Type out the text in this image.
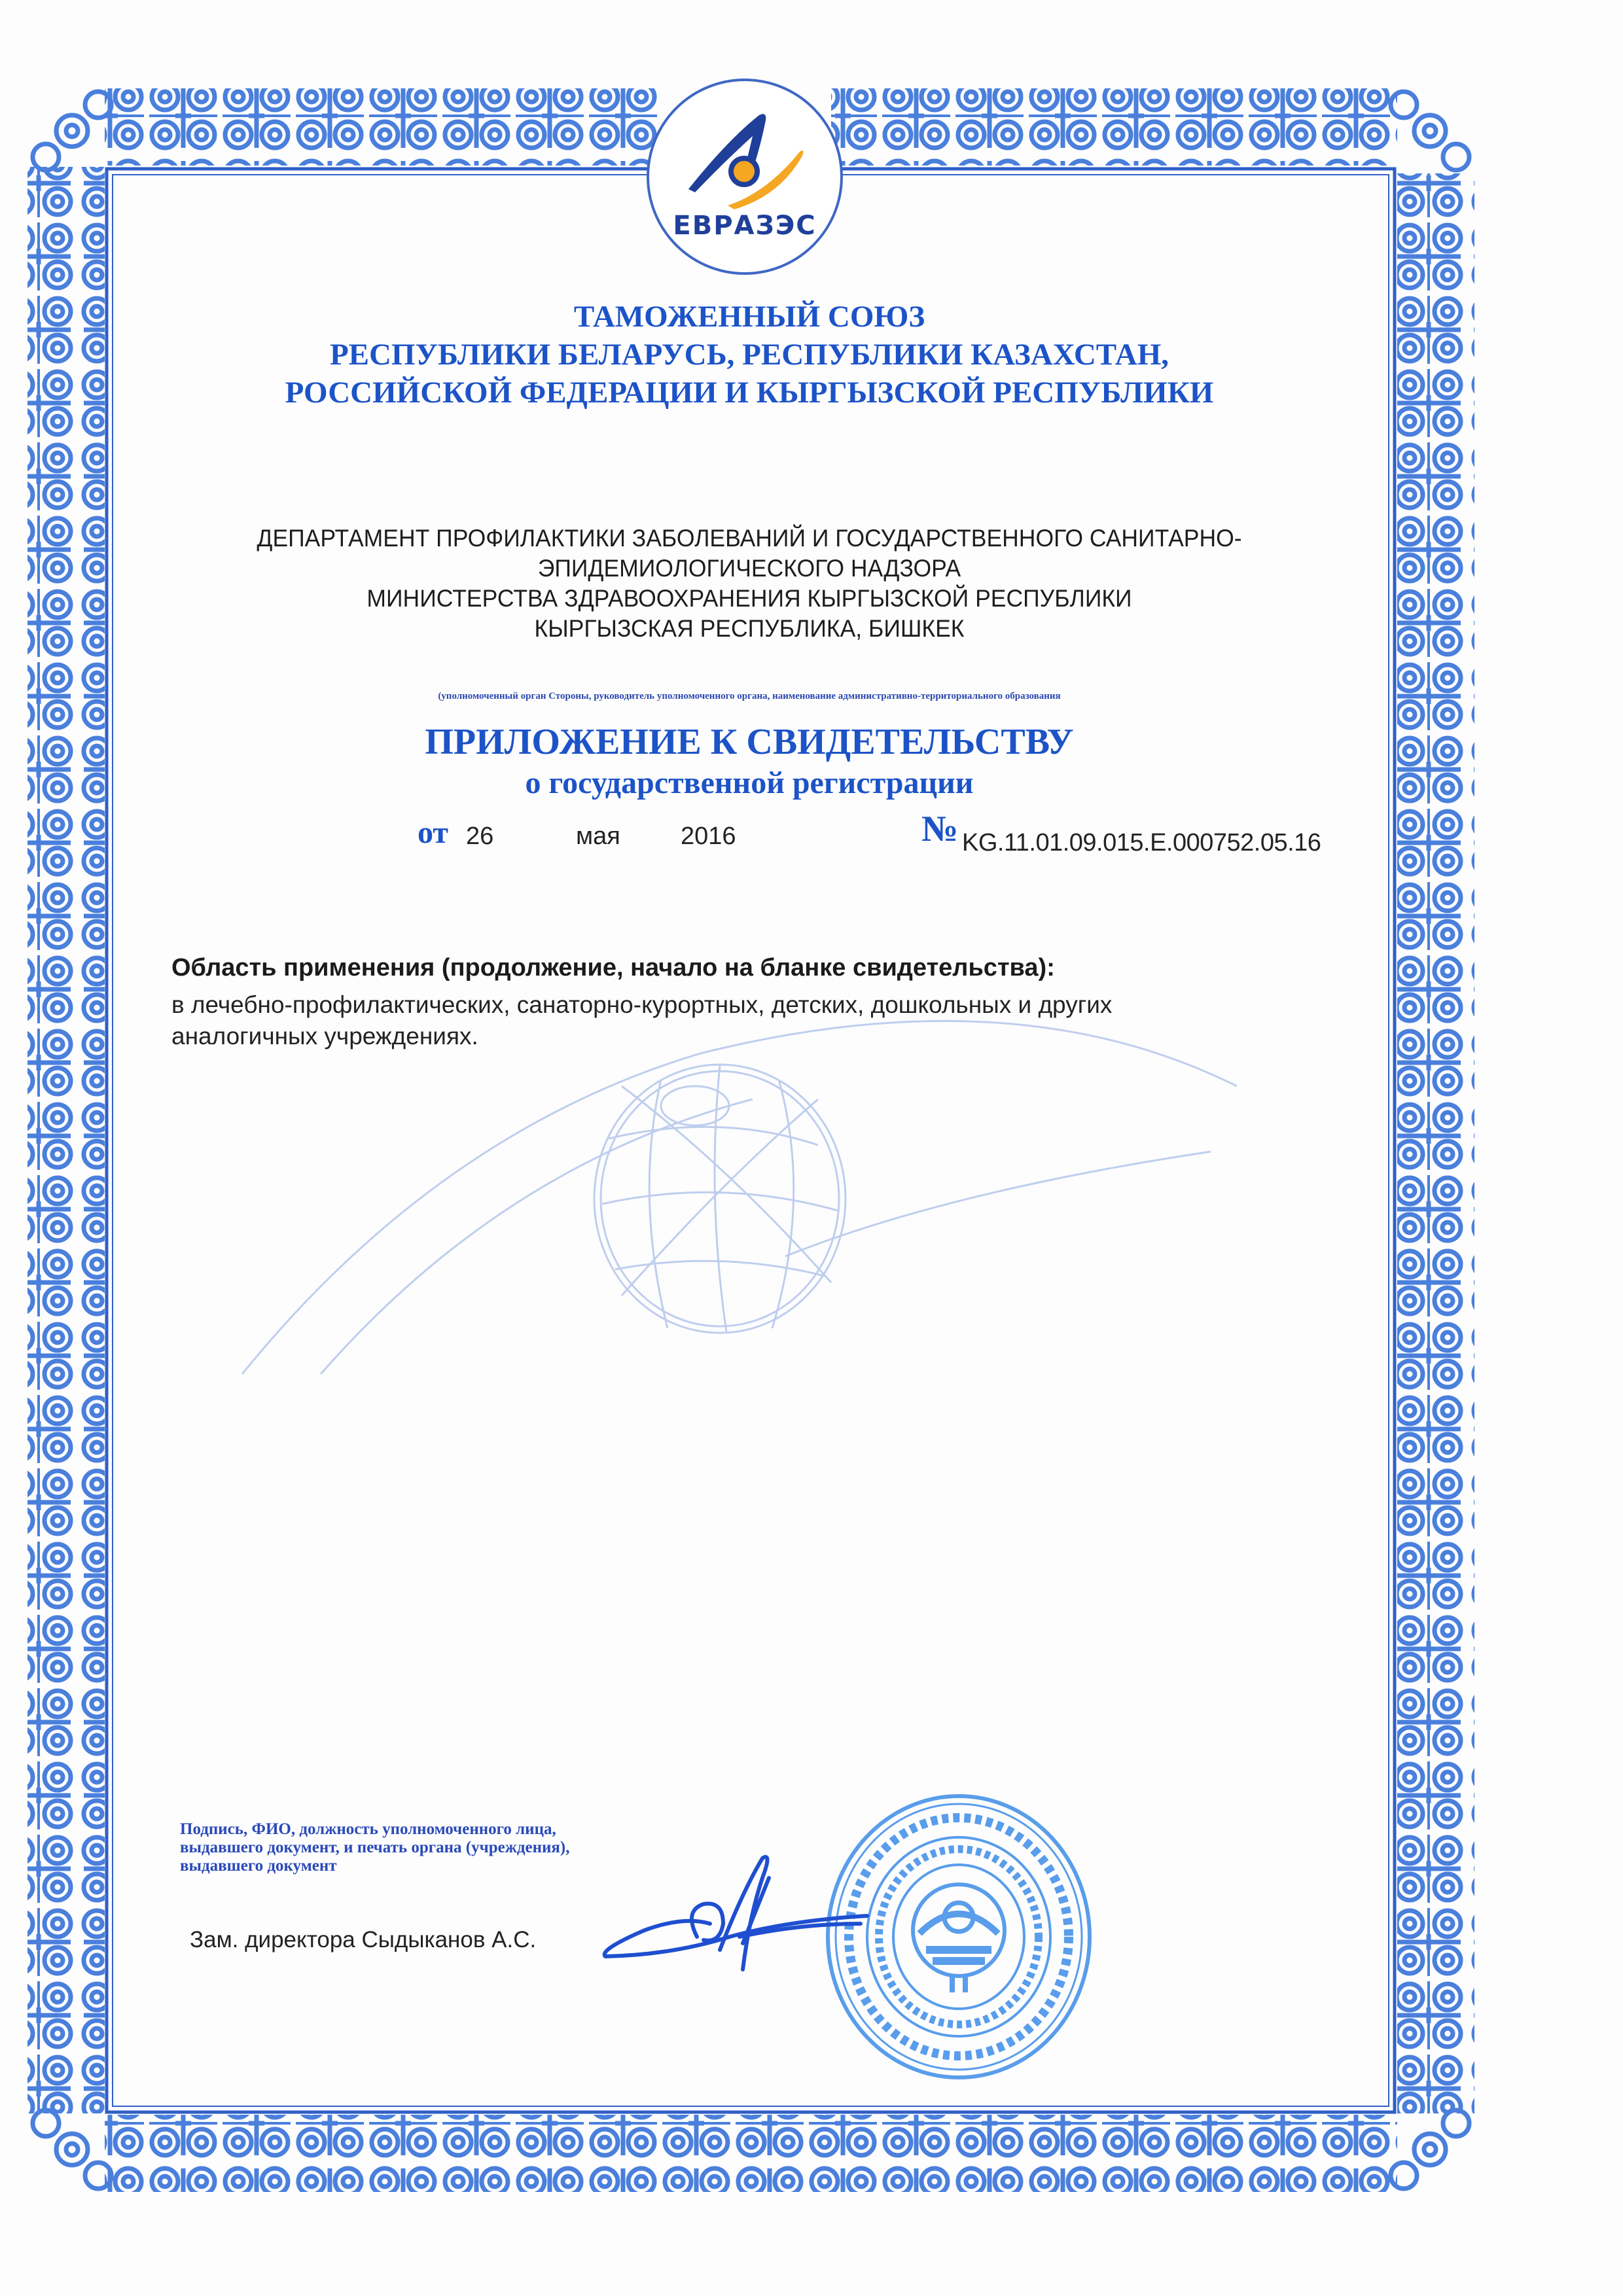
ЕВРАЗЭС
ТАМОЖЕННЫЙ СОЮЗ
РЕСПУБЛИКИ БЕЛАРУСЬ, РЕСПУБЛИКИ КАЗАХСТАН,
РОССИЙСКОЙ ФЕДЕРАЦИИ И КЫРГЫЗСКОЙ РЕСПУБЛИКИ
ДЕПАРТАМЕНТ ПРОФИЛАКТИКИ ЗАБОЛЕВАНИЙ И ГОСУДАРСТВЕННОГО САНИТАРНО-
ЭПИДЕМИОЛОГИЧЕСКОГО НАДЗОРА
МИНИСТЕРСТВА ЗДРАВООХРАНЕНИЯ КЫРГЫЗСКОЙ РЕСПУБЛИКИ
КЫРГЫЗСКАЯ РЕСПУБЛИКА, БИШКЕК
(уполномоченный орган Стороны, руководитель уполномоченного органа, наименование административно-территориального образования
ПРИЛОЖЕНИЕ К СВИДЕТЕЛЬСТВУ
о государственной регистрации
от 26	мая 2016	№ KG.11.01.09.015.E.000752.05.16
Область применения (продолжение, начало на бланке свидетельства):
в лечебно-профилактических, санаторно-курортных, детских, дошкольных и других аналогичных учреждениях.
Подпись, ФИО, должность уполномоченного лица,
выдавшего документ, и печать органа (учреждения),
выдавшего документ
Зам. директора Сыдыканов А.С.
